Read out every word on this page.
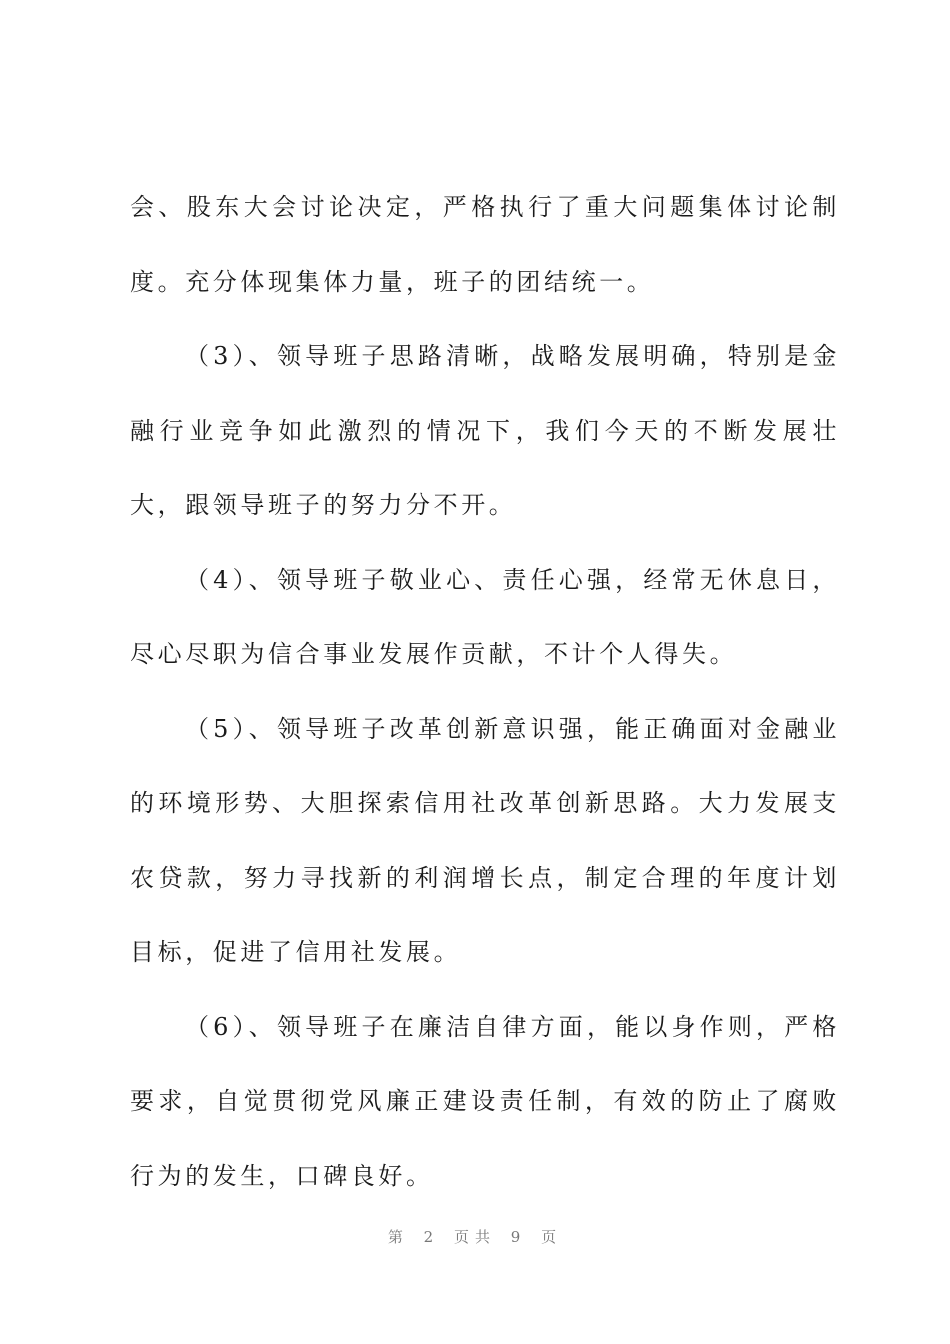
会、股东大会讨论决定，严格执行了重大问题集体讨论制度。充分体现集体力量，班子的团结统一。

（3）、领导班子思路清晰，战略发展明确，特别是金融行业竞争如此激烈的情况下，我们今天的不断发展壮大，跟领导班子的努力分不开。

（4）、领导班子敬业心、责任心强，经常无休息日，尽心尽职为信合事业发展作贡献，不计个人得失。

（5）、领导班子改革创新意识强，能正确面对金融业的环境形势、大胆探索信用社改革创新思路。大力发展支农贷款，努力寻找新的利润增长点，制定合理的年度计划目标，促进了信用社发展。

（6）、领导班子在廉洁自律方面，能以身作则，严格要求，自觉贯彻党风廉正建设责任制，有效的防止了腐败行为的发生，口碑良好。

第 2 页共 9 页
